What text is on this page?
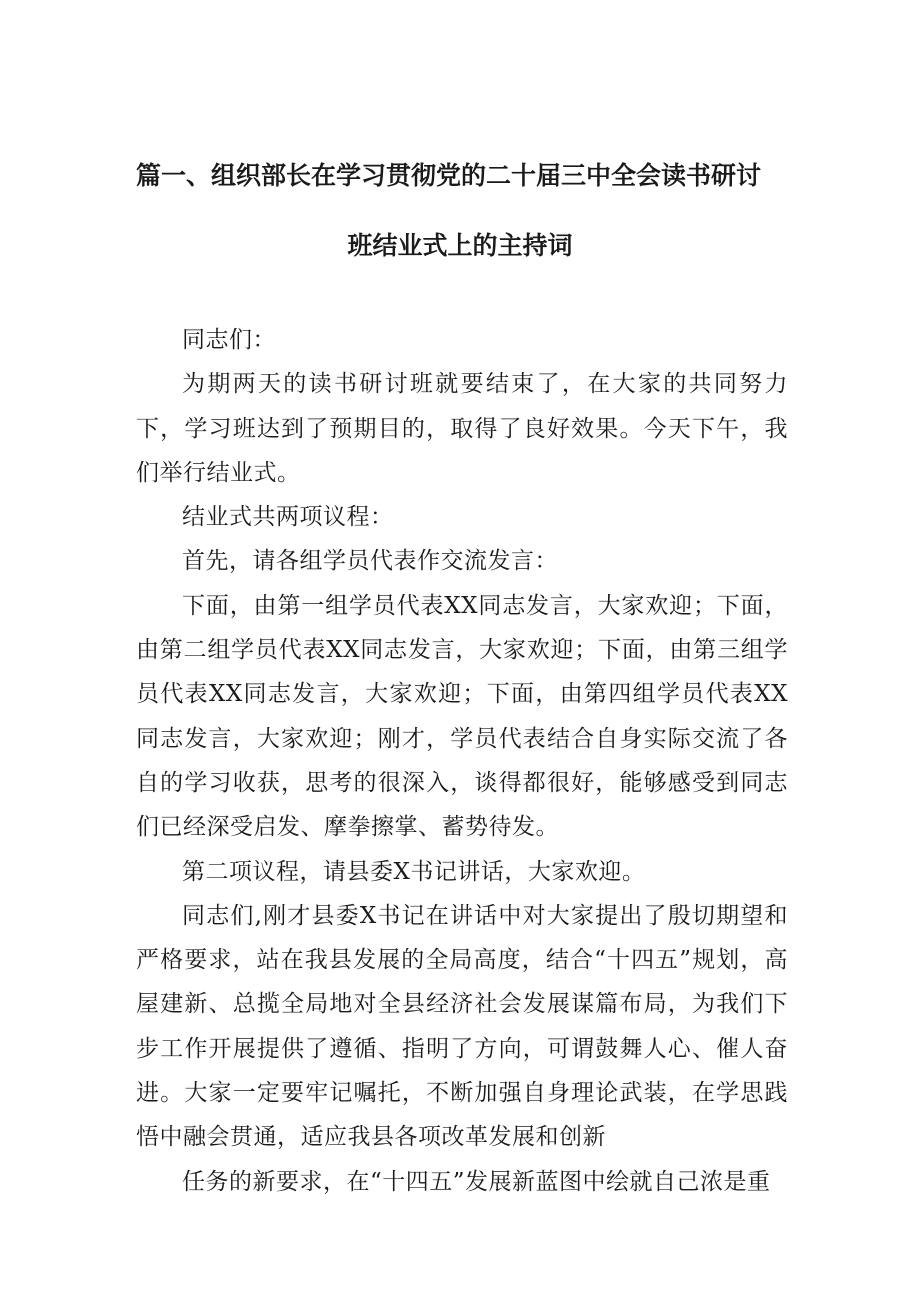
篇一、组织部长在学习贯彻党的二十届三中全会读书研讨
班结业式上的主持词

同志们：

为期两天的读书研讨班就要结束了，在大家的共同努力下，学习班达到了预期目的，取得了良好效果。今天下午，我们举行结业式。

结业式共两项议程：

首先，请各组学员代表作交流发言：

下面，由第一组学员代表XX同志发言，大家欢迎；下面，由第二组学员代表XX同志发言，大家欢迎；下面，由第三组学员代表XX同志发言，大家欢迎；下面，由第四组学员代表XX同志发言，大家欢迎；刚才，学员代表结合自身实际交流了各自的学习收获，思考的很深入，谈得都很好，能够感受到同志们已经深受启发、摩拳擦掌、蓄势待发。

第二项议程，请县委X书记讲话，大家欢迎。

同志们,刚才县委X书记在讲话中对大家提出了殷切期望和严格要求，站在我县发展的全局高度，结合“十四五”规划，高屋建新、总揽全局地对全县经济社会发展谋篇布局，为我们下步工作开展提供了遵循、指明了方向，可谓鼓舞人心、催人奋进。大家一定要牢记嘱托，不断加强自身理论武装，在学思践悟中融会贯通，适应我县各项改革发展和创新

任务的新要求，在“十四五”发展新蓝图中绘就自己浓是重
